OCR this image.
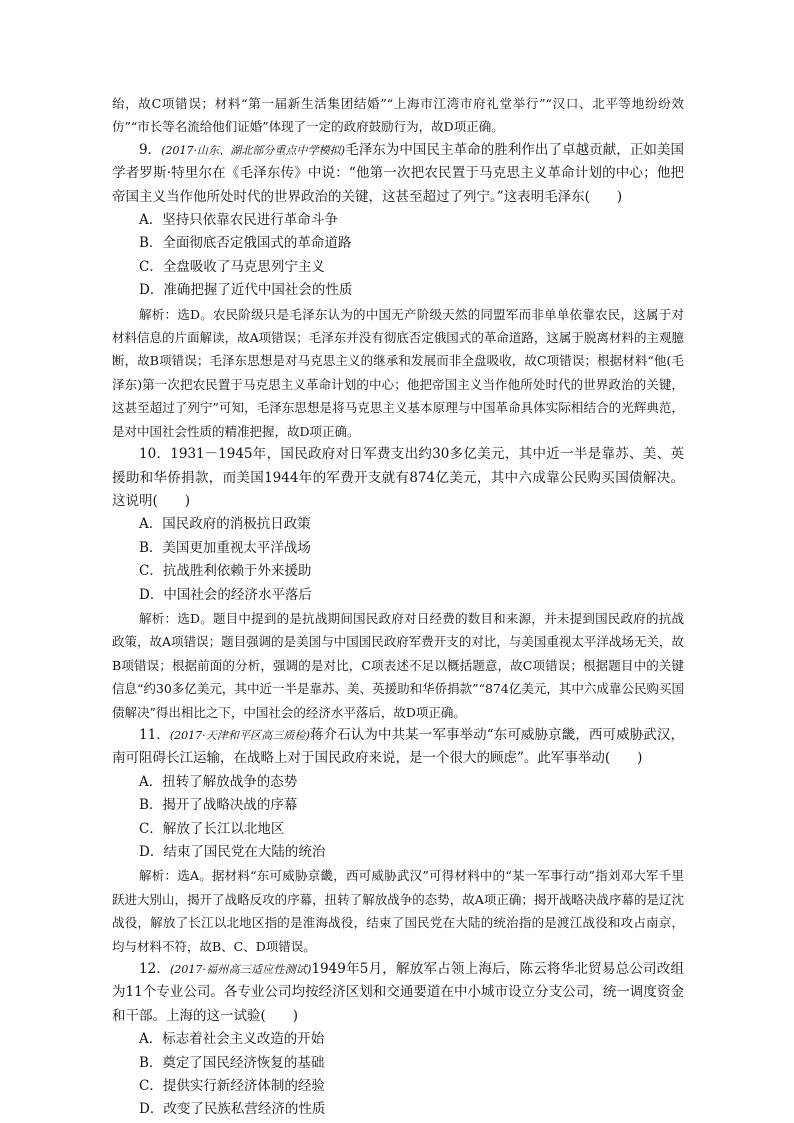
绐，故C项错误；材料“第一届新生活集团结婚”“上海市江湾市府礼堂举行”“汉口、北平等地纷纷效仿”“市长等名流给他们证婚”体现了一定的政府鼓励行为，故D项正确。

9．(2017·山东、湖北部分重点中学模拟)毛泽东为中国民主革命的胜利作出了卓越贡献，正如美国学者罗斯·特里尔在《毛泽东传》中说：“他第一次把农民置于马克思主义革命计划的中心；他把帝国主义当作他所处时代的世界政治的关键，这甚至超过了列宁。”这表明毛泽东(　　)

A．坚持只依靠农民进行革命斗争

B．全面彻底否定俄国式的革命道路

C．全盘吸收了马克思列宁主义

D．准确把握了近代中国社会的性质

解析：选D。农民阶级只是毛泽东认为的中国无产阶级天然的同盟军而非单单依靠农民，这属于对材料信息的片面解读，故A项错误；毛泽东并没有彻底否定俄国式的革命道路，这属于脱离材料的主观臆断，故B项错误；毛泽东思想是对马克思主义的继承和发展而非全盘吸收，故C项错误；根据材料“他(毛泽东)第一次把农民置于马克思主义革命计划的中心；他把帝国主义当作他所处时代的世界政治的关键，这甚至超过了列宁”可知，毛泽东思想是将马克思主义基本原理与中国革命具体实际相结合的光辉典范，是对中国社会性质的精准把握，故D项正确。

10．1931－1945年，国民政府对日军费支出约30多亿美元，其中近一半是靠苏、美、英援助和华侨捐款，而美国1944年的军费开支就有874亿美元，其中六成靠公民购买国债解决。这说明(　　)

A．国民政府的消极抗日政策

B．美国更加重视太平洋战场

C．抗战胜利依赖于外来援助

D．中国社会的经济水平落后

解析：选D。题目中提到的是抗战期间国民政府对日经费的数目和来源，并未提到国民政府的抗战政策，故A项错误；题目强调的是美国与中国国民政府军费开支的对比，与美国重视太平洋战场无关，故B项错误；根据前面的分析，强调的是对比，C项表述不足以概括题意，故C项错误；根据题目中的关键信息“约30多亿美元，其中近一半是靠苏、美、英援助和华侨捐款”“874亿美元，其中六成靠公民购买国债解决”得出相比之下，中国社会的经济水平落后，故D项正确。

11．(2017·天津和平区高三质检)蒋介石认为中共某一军事举动“东可威胁京畿，西可威胁武汉，南可阻碍长江运输，在战略上对于国民政府来说，是一个很大的顾虑”。此军事举动(　　)

A．扭转了解放战争的态势

B．揭开了战略决战的序幕

C．解放了长江以北地区

D．结束了国民党在大陆的统治

解析：选A。据材料“东可威胁京畿，西可威胁武汉”可得材料中的“某一军事行动”指刘邓大军千里跃进大别山，揭开了战略反攻的序幕，扭转了解放战争的态势，故A项正确；揭开战略决战序幕的是辽沈战役，解放了长江以北地区指的是淮海战役，结束了国民党在大陆的统治指的是渡江战役和攻占南京，均与材料不符，故B、C、D项错误。

12．(2017·福州高三适应性测试)1949年5月，解放军占领上海后，陈云将华北贸易总公司改组为11个专业公司。各专业公司均按经济区划和交通要道在中小城市设立分支公司，统一调度资金和干部。上海的这一试验(　　)

A．标志着社会主义改造的开始

B．奠定了国民经济恢复的基础

C．提供实行新经济体制的经验

D．改变了民族私营经济的性质
